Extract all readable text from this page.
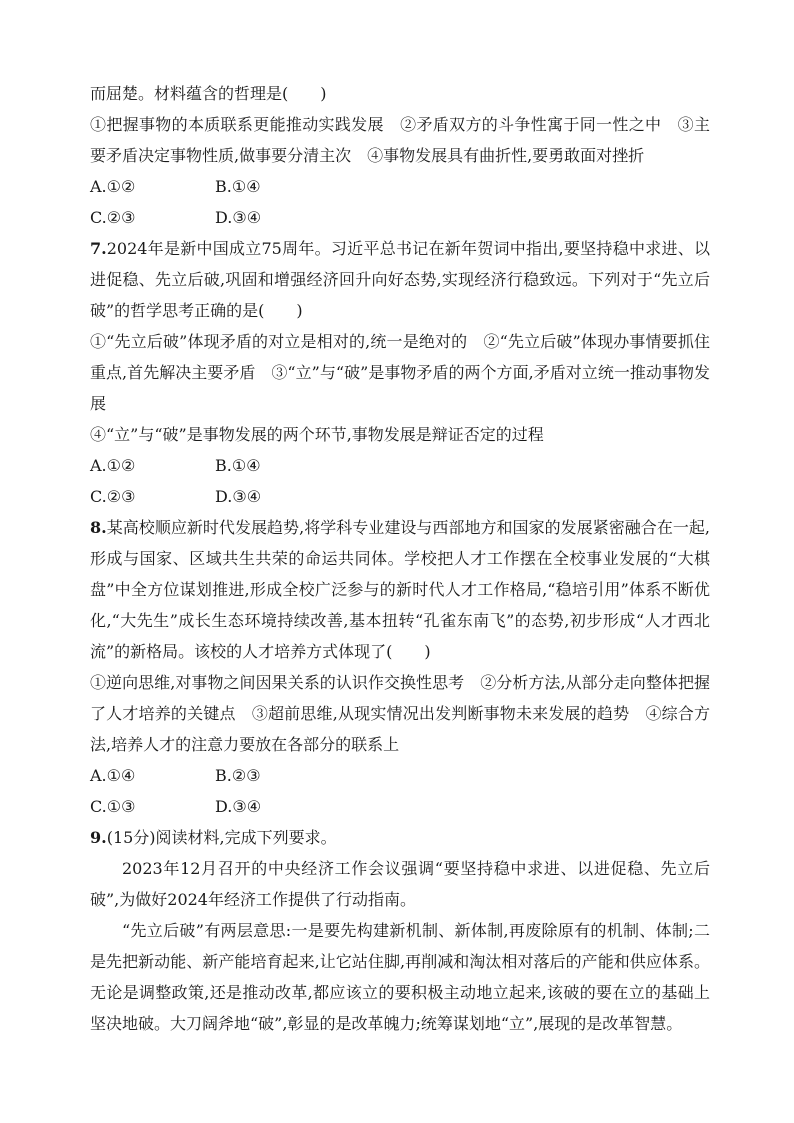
而屈楚。材料蕴含的哲理是(　　)
①把握事物的本质联系更能推动实践发展　②矛盾双方的斗争性寓于同一性之中　③主要矛盾决定事物性质,做事要分清主次　④事物发展具有曲折性,要勇敢面对挫折
A.①②	B.①④
C.②③	D.③④
7.2024年是新中国成立75周年。习近平总书记在新年贺词中指出,要坚持稳中求进、以进促稳、先立后破,巩固和增强经济回升向好态势,实现经济行稳致远。下列对于“先立后破”的哲学思考正确的是(　　)
①“先立后破”体现矛盾的对立是相对的,统一是绝对的　②“先立后破”体现办事情要抓住重点,首先解决主要矛盾　③“立”与“破”是事物矛盾的两个方面,矛盾对立统一推动事物发展
④“立”与“破”是事物发展的两个环节,事物发展是辩证否定的过程
A.①②	B.①④
C.②③	D.③④
8.某高校顺应新时代发展趋势,将学科专业建设与西部地方和国家的发展紧密融合在一起,形成与国家、区域共生共荣的命运共同体。学校把人才工作摆在全校事业发展的“大棋盘”中全方位谋划推进,形成全校广泛参与的新时代人才工作格局,“稳培引用”体系不断优化,“大先生”成长生态环境持续改善,基本扭转“孔雀东南飞”的态势,初步形成“人才西北流”的新格局。该校的人才培养方式体现了(　　)
①逆向思维,对事物之间因果关系的认识作交换性思考　②分析方法,从部分走向整体把握了人才培养的关键点　③超前思维,从现实情况出发判断事物未来发展的趋势　④综合方法,培养人才的注意力要放在各部分的联系上
A.①④	B.②③
C.①③	D.③④
9.(15分)阅读材料,完成下列要求。
2023年12月召开的中央经济工作会议强调“要坚持稳中求进、以进促稳、先立后破”,为做好2024年经济工作提供了行动指南。
“先立后破”有两层意思:一是要先构建新机制、新体制,再废除原有的机制、体制;二是先把新动能、新产能培育起来,让它站住脚,再削减和淘汰相对落后的产能和供应体系。无论是调整政策,还是推动改革,都应该立的要积极主动地立起来,该破的要在立的基础上坚决地破。大刀阔斧地“破”,彰显的是改革魄力;统筹谋划地“立”,展现的是改革智慧。
